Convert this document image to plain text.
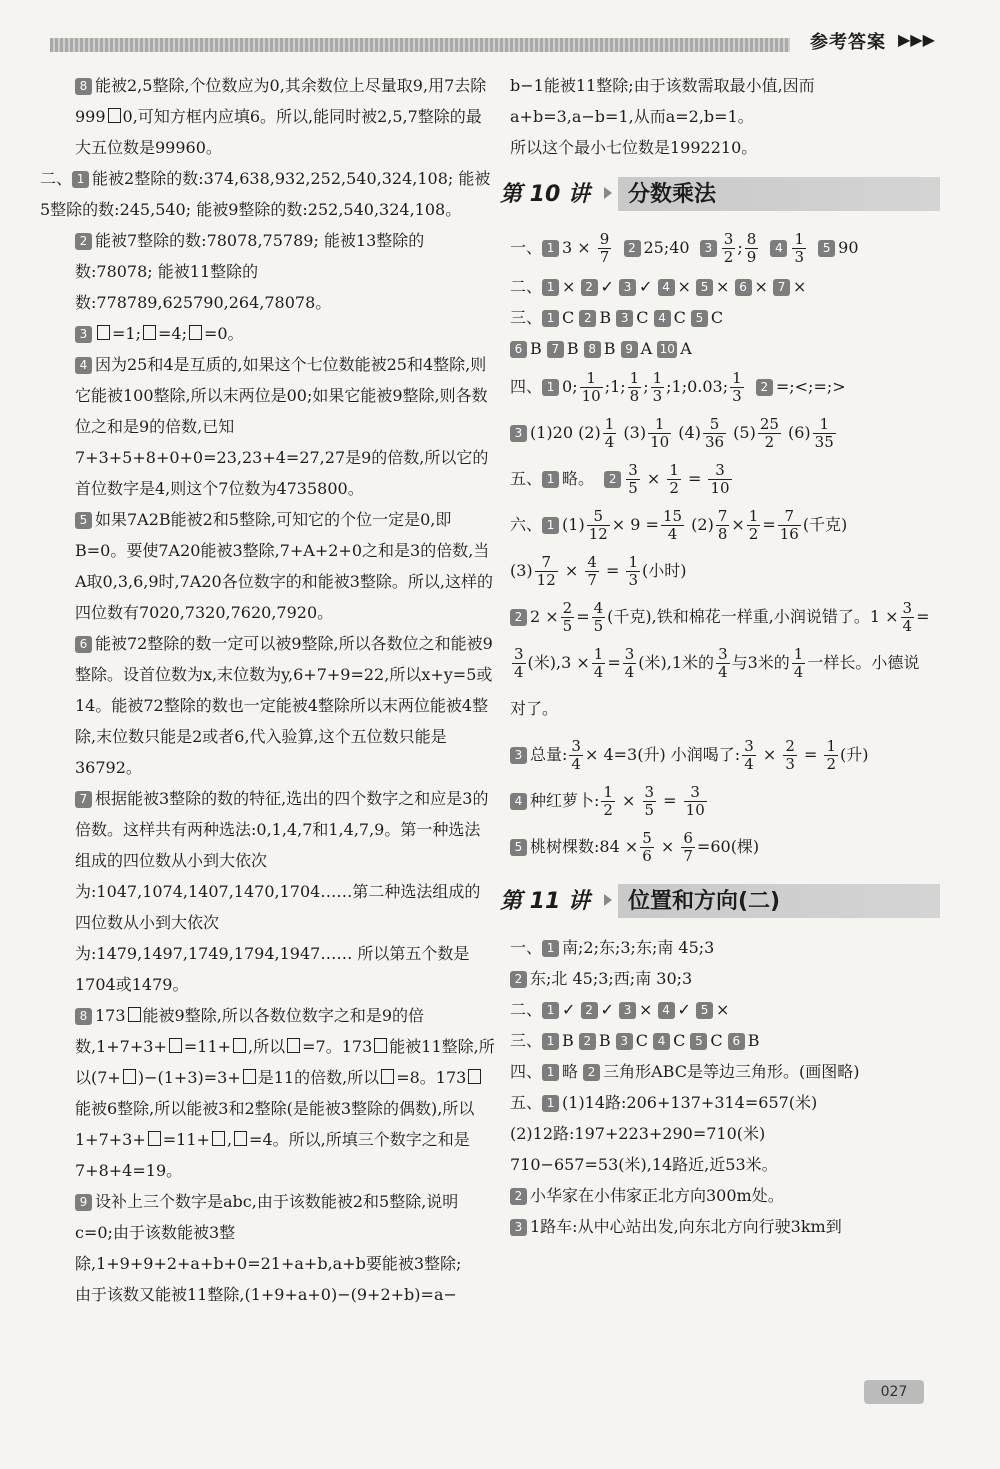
参考答案 ▶▶▶

8 能被2,5整除,个位数应为0,其余数位上尽量取9,用7去除999 0,可知方框内应填6。所以,能同时被2,5,7整除的最大五位数是99960。

二、 1 能被2整除的数:374,638,932,252,540,324,108; 能被5整除的数:245,540; 能被9整除的数:252,540,324,108。

2 能被7整除的数:78078,75789; 能被13整除的数:78078; 能被11整除的数:778789,625790,264,78078。

3 =1; =4; =0。

4 因为25和4是互质的,如果这个七位数能被25和4整除,则它能被100整除,所以末两位是00;如果它能被9整除,则各数位之和是9的倍数,已知7+3+5+8+0+0=23,23+4=27,27是9的倍数,所以它的首位数字是4,则这个7位数为4735800。

5 如果7A2B能被2和5整除,可知它的个位一定是0,即B=0。要使7A20能被3整除,7+A+2+0之和是3的倍数,当A取0,3,6,9时,7A20各位数字的和能被3整除。所以,这样的四位数有7020,7320,7620,7920。

6 能被72整除的数一定可以被9整除,所以各数位之和能被9整除。设首位数为x,末位数为y,6+7+9=22,所以x+y=5或14。能被72整除的数也一定能被4整除所以末两位能被4整除,末位数只能是2或者6,代入验算,这个五位数只能是36792。

7 根据能被3整除的数的特征,选出的四个数字之和应是3的倍数。这样共有两种选法:0,1,4,7和1,4,7,9。第一种选法组成的四位数从小到大依次为:1047,1074,1407,1470,1704……第二种选法组成的四位数从小到大依次为:1479,1497,1749,1794,1947…… 所以第五个数是1704或1479。

8 173 能被9整除,所以各数位数字之和是9的倍数,1+7+3+ =11+ ,所以 =7。173 能被11整除,所以(7+ )−(1+3)=3+ 是11的倍数,所以 =8。173能被6整除,所以能被3和2整除(是能被3整除的偶数),所以1+7+3+ =11+ , =4。所以,所填三个数字之和是7+8+4=19。

9 设补上三个数字是abc,由于该数能被2和5整除,说明c=0;由于该数能被3整除,1+9+9+2+a+b+0=21+a+b,a+b要能被3整除;

由于该数又能被11整除,(1+9+a+0)−(9+2+b)=a−

b−1能被11整除;由于该数需取最小值,因而a+b=3,a−b=1,从而a=2,b=1。

所以这个最小七位数是1992210。

第 10 讲 分数乘法

一、 1 $3 \times \frac{9}{7} 2$ 25;40 $3 \frac{3}{2}$ ; $\frac{8}{9} 4 \frac{1}{3} 5$ 90

二、 1 × 2 ✓ 3 ✓ 4 × 5 × 6 × 7 ×

三、 1 C 2 B 3 C 4 C 5 C

6 B 7 B 8 B 9 A 10 A

四、 1 0; $\frac{1}{10}$ ;1; $\frac{1}{8}$ ; $\frac{1}{3}$ ;1;0.03; $\frac{1}{3} 2$ =;<;=;>

3 (1)20 $(2) \frac{1}{4} (3) \frac{1}{10} (4) \frac{5}{36} (5) \frac{25}{2} (6) \frac{1}{35}$

五、 1 略。 $2 \frac{3}{5} \times \frac{1}{2} = \frac{3}{10}$

六、 1 $(1) \frac{5}{12} \times 9 = \frac{15}{4} (2) \frac{7}{8} \times \frac{1}{2} = \frac{7}{16}$ (千克)

$(3) \frac{7}{12} \times \frac{4}{7} = \frac{1}{3}$ (小时)

2 $2 \times \frac{2}{5} = \frac{4}{5}$ (千克),铁和棉花一样重,小润说错了。$1 \times \frac{3}{4}$ =
$\frac{3}{4}$ (米)$,3 \times \frac{1}{4} = \frac{3}{4}$ (米),1米的 $\frac{3}{4}$ 与3米的 $\frac{1}{4}$ 一样长。小德说对了。

3 总量: $\frac{3}{4} \times 4=3$(升) 小润喝了: $\frac{3}{4} \times \frac{2}{3} = \frac{1}{2}$ (升)

4 种红萝卜: $\frac{1}{2} \times \frac{3}{5} = \frac{3}{10}$

5 桃树棵数:84 × $\frac{5}{6} \times \frac{6}{7} =60$(棵)

第 11 讲 位置和方向(二)

一、 1 南;2;东;3;东;南 45;3

2 东;北 45;3;西;南 30;3

二、 1 ✓ 2 ✓ 3 × 4 ✓ 5 ×

三、 1 B 2 B 3 C 4 C 5 C 6 B

四、 1 略 2 三角形ABC是等边三角形。(画图略)

五、 1 (1)14路:206+137+314=657(米)

(2)12路:197+223+290=710(米)

710−657=53(米),14路近,近53米。

2 小华家在小伟家正北方向300m处。

3 1路车:从中心站出发,向东北方向行驶3km到

027
